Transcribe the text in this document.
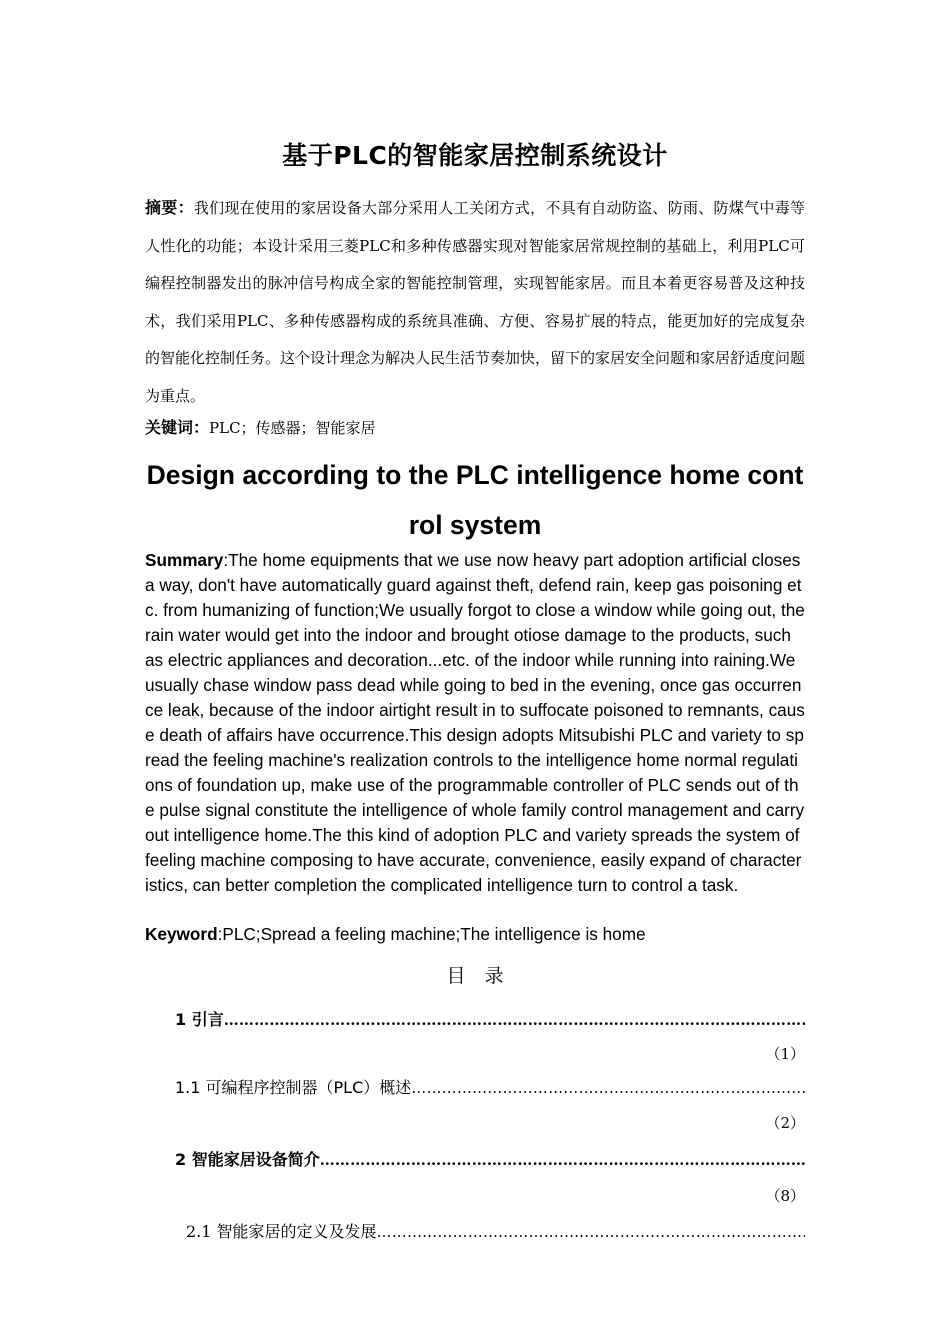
基于PLC的智能家居控制系统设计
摘要：我们现在使用的家居设备大部分采用人工关闭方式，不具有自动防盗、防雨、防煤气中毒等人性化的功能；本设计采用三菱PLC和多种传感器实现对智能家居常规控制的基础上，利用PLC可编程控制器发出的脉冲信号构成全家的智能控制管理，实现智能家居。而且本着更容易普及这种技术，我们采用PLC、多种传感器构成的系统具准确、方便、容易扩展的特点，能更加好的完成复杂的智能化控制任务。这个设计理念为解决人民生活节奏加快，留下的家居安全问题和家居舒适度问题为重点。
关键词：PLC；传感器；智能家居
Design according to the PLC intelligence home control system
Summary:The home equipments that we use now heavy part adoption artificial closes a way, don't have automatically guard against theft, defend rain, keep gas poisoning etc. from humanizing of function;We usually forgot to close a window while going out, the rain water would get into the indoor and brought otiose damage to the products, such as electric appliances and decoration...etc. of the indoor while running into raining.We usually chase window pass dead while going to bed in the evening, once gas occurrence leak, because of the indoor airtight result in to suffocate poisoned to remnants, cause death of affairs have occurrence.This design adopts Mitsubishi PLC and variety to spread the feeling machine's realization controls to the intelligence home normal regulations of foundation up, make use of the programmable controller of PLC sends out of the pulse signal constitute the intelligence of whole family control management and carry out intelligence home.The this kind of adoption PLC and variety spreads the system of feeling machine composing to have accurate, convenience, easily expand of characteristics, can better completion the complicated intelligence turn to control a task.
Keyword:PLC;Spread a feeling machine;The intelligence is home
目　录
1 引言
…………………………………………………………………………………………………………………………………………………
（1）
1.1 可编程序控制器（PLC）概述
…………………………………………………………………………………………………………………………………………………
（2）
2 智能家居设备简介
…………………………………………………………………………………………………………………………………………………
（8）
2.1 智能家居的定义及发展
…………………………………………………………………………………………………………………………………………………
